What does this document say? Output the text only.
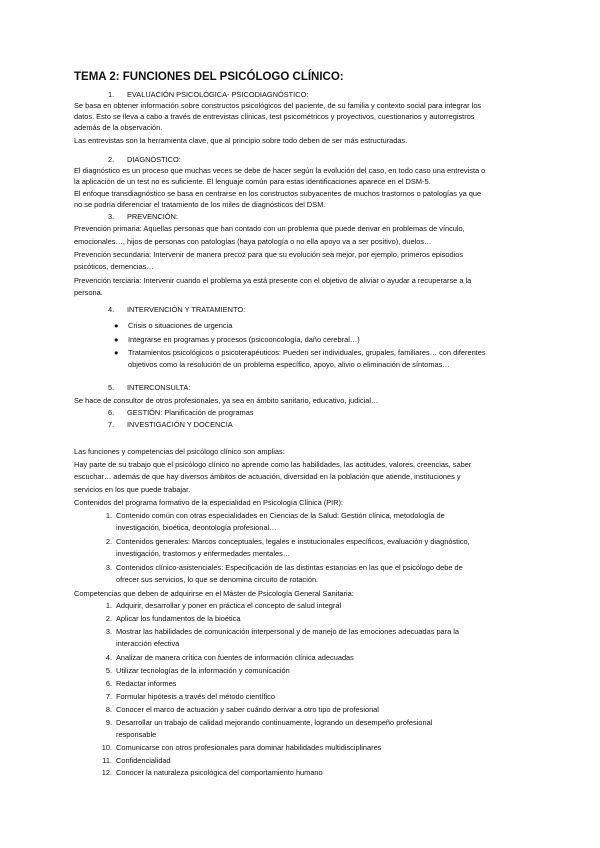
TEMA 2: FUNCIONES DEL PSICÓLOGO CLÍNICO:
1. EVALUACIÓN PSICOLÓGICA- PSICODIAGNÓSTICO:
Se basa en obtener información sobre constructos psicológicos del paciente, de su familia y contexto social para integrar los
datos. Esto se lleva a cabo a través de entrevistas clínicas, test psicométricos y proyectivos, cuestionarios y autorregistros
además de la observación.
Las entrevistas son la herramienta clave, que al principio sobre todo deben de ser más estructuradas.
2. DIAGNÓSTICO:
El diagnóstico es un proceso que muchas veces se debe de hacer según la evolución del caso, en todo caso una entrevista o
la aplicación de un test no es suficiente. El lenguaje común para estas identificaciones aparece en el DSM-5.
El enfoque transdiagnóstico se basa en centrarse en los constructos subyacentes de muchos trastornos o patologías ya que
no se podría diferenciar el tratamiento de los miles de diagnósticos del DSM.
3. PREVENCIÓN:
Prevención primaria: Aquellas personas que han contado con un problema que puede derivar en problemas de vínculo,
emocionales…, hijos de personas con patologías (haya patología o no ella apoyo va a ser positivo), duelos…
Prevención secundaria: Intervenir de manera precoz para que su evolución sea mejor, por ejemplo, primeros episodios
psicóticos, demencias…
Prevención terciaria: Intervenir cuando el problema ya está presente con el objetivo de aliviar o ayudar a recuperarse a la
persona.
4. INTERVENCIÓN Y TRATAMIENTO:
● Crisis o situaciones de urgencia
● Integrarse en programas y procesos (psicooncología, daño cerebral…)
● Tratamientos psicológicos o psicoterapéuticos: Pueden ser individuales, grupales, familiares… con diferentes
objetivos como la resolución de un problema específico, apoyo, alivio o eliminación de síntomas…
5. INTERCONSULTA:
Se hace de consultor de otros profesionales, ya sea en ámbito sanitario, educativo, judicial…
6. GESTIÓN: Planificación de programas
7. INVESTIGACIÓN Y DOCENCIA
Las funciones y competencias del psicólogo clínico son amplias:
Hay parte de su trabajo que el psicólogo clínico no aprende como las habilidades, las actitudes, valores, creencias, saber
escuchar… además de que hay diversos ámbitos de actuación, diversidad en la población que atiende, instituciones y
servicios en los que puede trabajar.
Contenidos del programa formativo de la especialidad en Psicología Clínica (PIR):
1. Contenido común con otras especialidades en Ciencias de la Salud: Gestión clínica, metodología de
investigación, bioética, deontología profesional…
2. Contenidos generales: Marcos conceptuales, legales e institucionales específicos, evaluación y diagnóstico,
investigación, trastornos y enfermedades mentales…
3. Contenidos clínico-asistenciales: Especificación de las distintas estancias en las que el psicólogo debe de
ofrecer sus servicios, lo que se denomina circuito de rotación.
Competencias que deben de adquirirse en el Máster de Psicología General Sanitaria:
1. Adquirir, desarrollar y poner en práctica el concepto de salud integral
2. Aplicar los fundamentos de la bioética
3. Mostrar las habilidades de comunicación interpersonal y de manejo de las emociones adecuadas para la
interacción efectiva
4. Analizar de manera crítica con fuentes de información clínica adecuadas
5. Utilizar tecnologías de la información y comunicación
6. Redactar informes
7. Formular hipótesis a través del método científico
8. Conocer el marco de actuación y saber cuándo derivar a otro tipo de profesional
9. Desarrollar un trabajo de calidad mejorando continuamente, logrando un desempeño profesional
responsable
10. Comunicarse con otros profesionales para dominar habilidades multidisciplinares
11. Confidencialidad
12. Conocer la naturaleza psicológica del comportamiento humano
